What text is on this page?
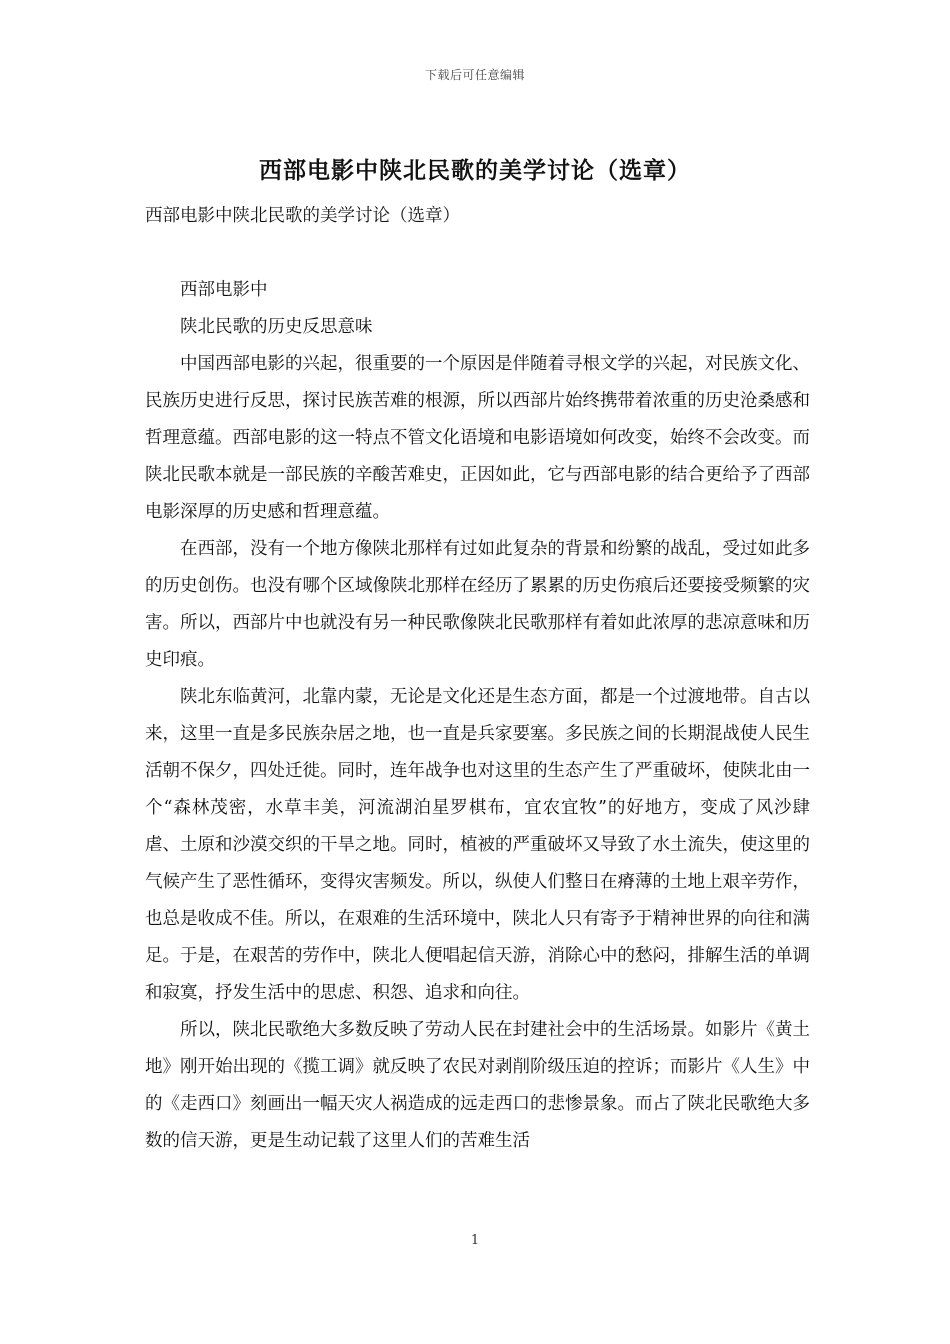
下载后可任意编辑
西部电影中陕北民歌的美学讨论（选章）

西部电影中陕北民歌的美学讨论（选章）

西部电影中

陕北民歌的历史反思意味

中国西部电影的兴起，很重要的一个原因是伴随着寻根文学的兴起，对民族文化、民族历史进行反思，探讨民族苦难的根源，所以西部片始终携带着浓重的历史沧桑感和哲理意蕴。西部电影的这一特点不管文化语境和电影语境如何改变，始终不会改变。而陕北民歌本就是一部民族的辛酸苦难史，正因如此，它与西部电影的结合更给予了西部电影深厚的历史感和哲理意蕴。

在西部，没有一个地方像陕北那样有过如此复杂的背景和纷繁的战乱，受过如此多的历史创伤。也没有哪个区域像陕北那样在经历了累累的历史伤痕后还要接受频繁的灾害。所以，西部片中也就没有另一种民歌像陕北民歌那样有着如此浓厚的悲凉意味和历史印痕。

陕北东临黄河，北靠内蒙，无论是文化还是生态方面，都是一个过渡地带。自古以来，这里一直是多民族杂居之地，也一直是兵家要塞。多民族之间的长期混战使人民生活朝不保夕，四处迁徙。同时，连年战争也对这里的生态产生了严重破坏，使陕北由一个“森林茂密，水草丰美，河流湖泊星罗棋布，宜农宜牧”的好地方，变成了风沙肆虐、土原和沙漠交织的干旱之地。同时，植被的严重破坏又导致了水土流失，使这里的气候产生了恶性循环，变得灾害频发。所以，纵使人们整日在瘠薄的土地上艰辛劳作，也总是收成不佳。所以，在艰难的生活环境中，陕北人只有寄予于精神世界的向往和满足。于是，在艰苦的劳作中，陕北人便唱起信天游，消除心中的愁闷，排解生活的单调和寂寞，抒发生活中的思虑、积怨、追求和向往。

所以，陕北民歌绝大多数反映了劳动人民在封建社会中的生活场景。如影片《黄土地》刚开始出现的《揽工调》就反映了农民对剥削阶级压迫的控诉；而影片《人生》中的《走西口》刻画出一幅天灾人祸造成的远走西口的悲惨景象。而占了陕北民歌绝大多数的信天游，更是生动记载了这里人们的苦难生活

1
